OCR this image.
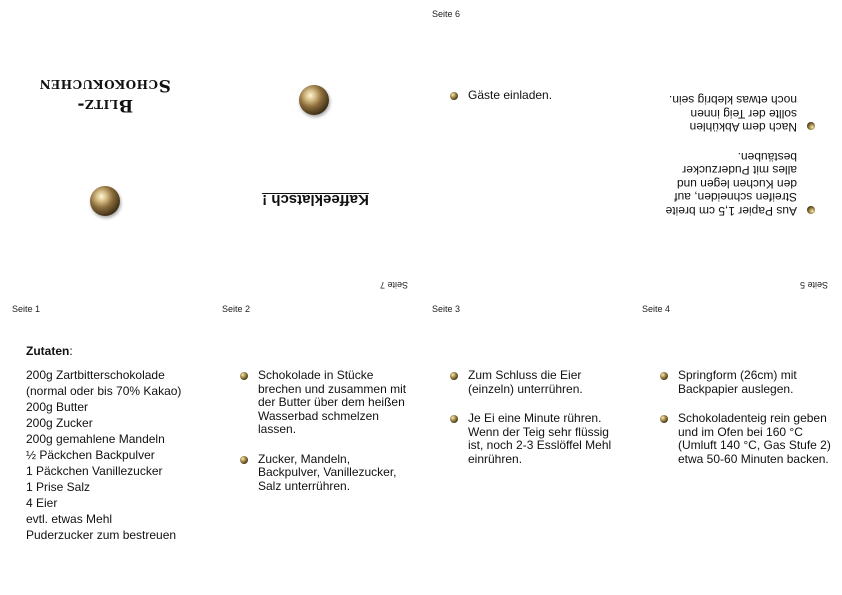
Seite 6
Blitz-Schokokuchen
Kaffeeklatsch !
Seite 7
Gäste einladen.
Aus Papier 1,5 cm breite Streifen schneiden, auf den Kuchen legen und alles mit Puderzucker bestäuben.
Nach dem Abkühlen sollte der Teig innen noch etwas klebrig sein.
Seite 5
Seite 1	Seite 2	Seite 3	Seite 4
Zutaten:
200g Zartbitterschokolade
(normal oder bis 70% Kakao)
200g Butter
200g Zucker
200g gemahlene Mandeln
½ Päckchen Backpulver
1 Päckchen Vanillezucker
1 Prise Salz
4 Eier
evtl. etwas Mehl
Puderzucker zum bestreuen
Schokolade in Stücke brechen und zusammen mit der Butter über dem heißen Wasserbad schmelzen lassen.
Zucker, Mandeln, Backpulver, Vanillezucker, Salz unterrühren.
Zum Schluss die Eier (einzeln) unterrühren.
Je Ei eine Minute rühren. Wenn der Teig sehr flüssig ist, noch 2-3 Esslöffel Mehl einrühren.
Springform (26cm) mit Backpapier auslegen.
Schokoladenteig rein geben und im Ofen bei 160 °C (Umluft 140 °C, Gas Stufe 2) etwa 50-60 Minuten backen.
